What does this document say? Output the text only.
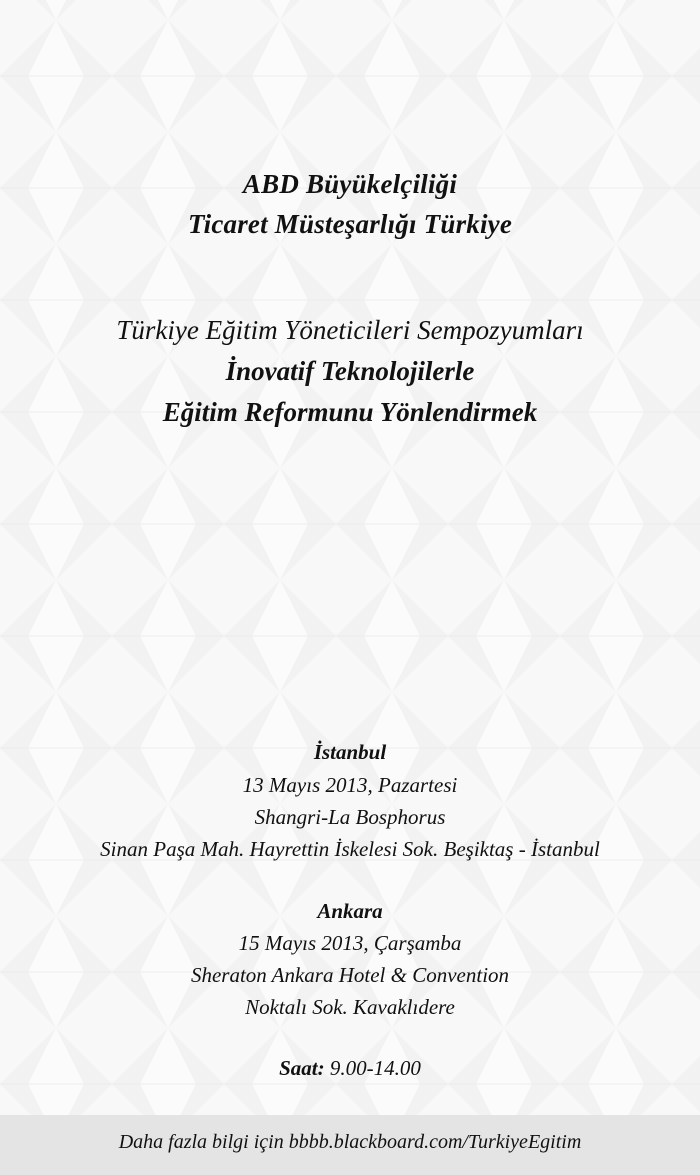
ABD Büyükelçiliği
Ticaret Müsteşarlığı Türkiye
Türkiye Eğitim Yöneticileri Sempozyumları
İnovatif Teknolojilerle
Eğitim Reformunu Yönlendirmek
İstanbul
13 Mayıs 2013, Pazartesi
Shangri-La Bosphorus
Sinan Paşa Mah. Hayrettin İskelesi Sok. Beşiktaş - İstanbul
Ankara
15 Mayıs 2013, Çarşamba
Sheraton Ankara Hotel & Convention
Noktalı Sok. Kavaklıdere
Saat: 9.00-14.00
Daha fazla bilgi için bbbb.blackboard.com/TurkiyeEgitim
